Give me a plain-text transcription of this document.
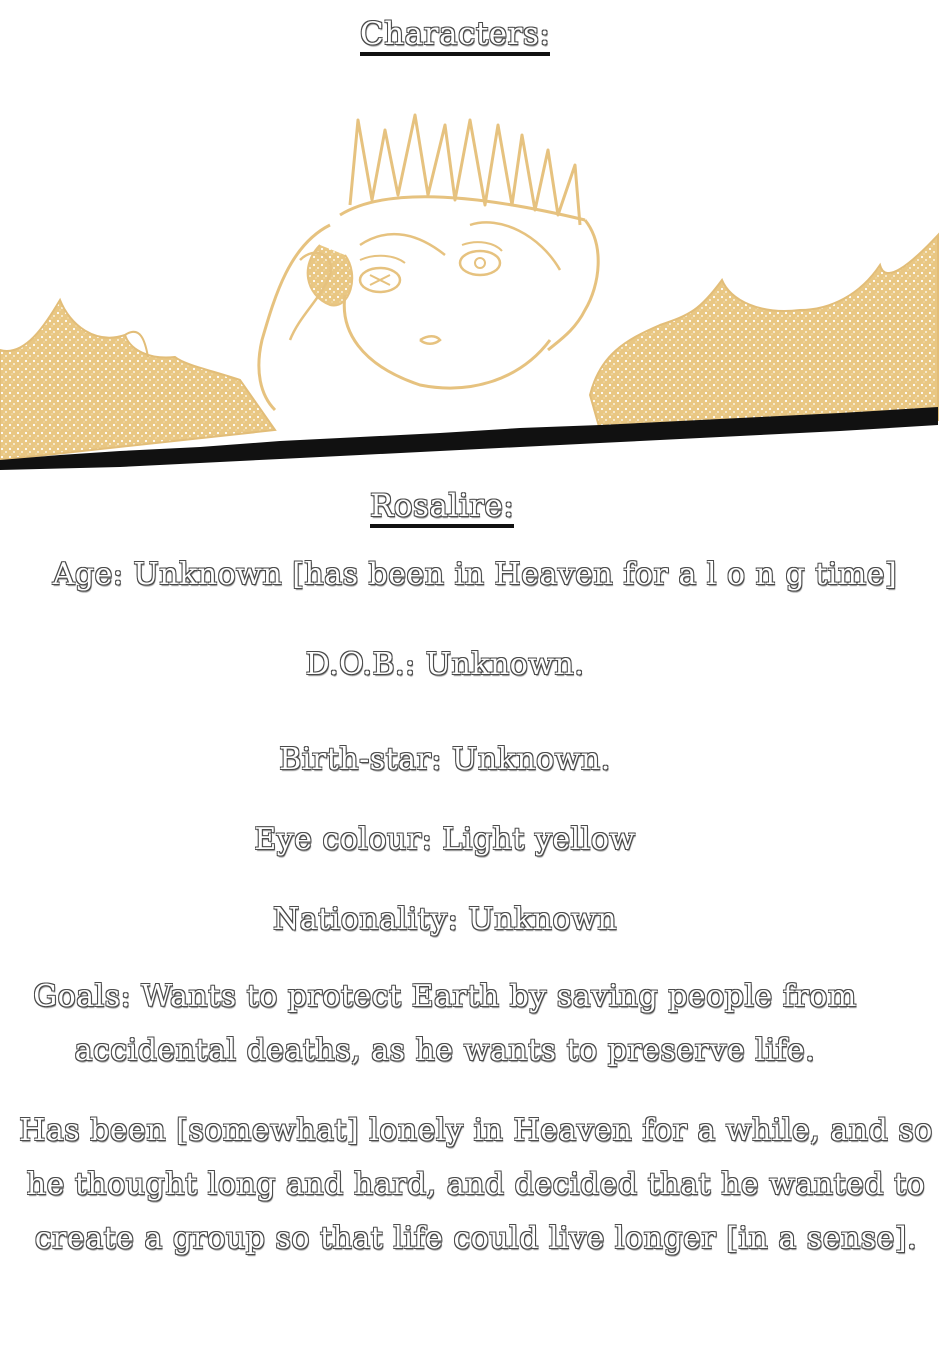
Characters:
Rosalire:
Age: Unknown [has been in Heaven for a l o n g time]
D.O.B.: Unknown.
Birth-star: Unknown.
Eye colour: Light yellow
Nationality: Unknown
Goals: Wants to protect Earth by saving people from
accidental deaths, as he wants to preserve life.
Has been [somewhat] lonely in Heaven for a while, and so
he thought long and hard, and decided that he wanted to
create a group so that life could live longer [in a sense].
